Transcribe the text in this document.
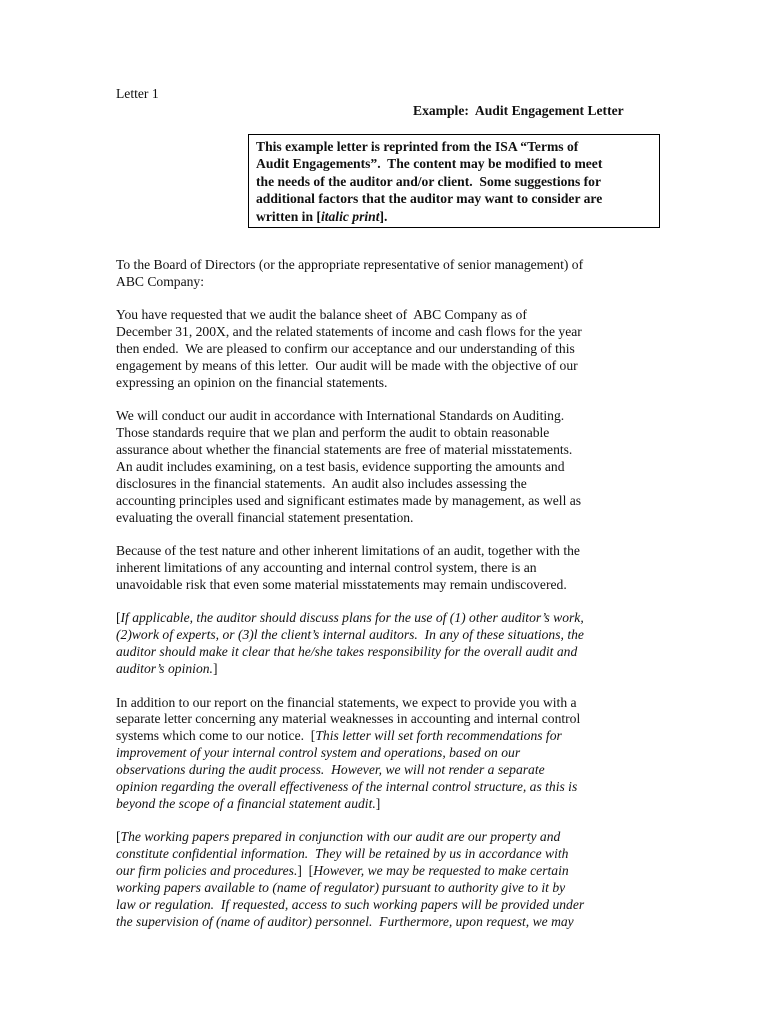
Letter 1
Example:  Audit Engagement Letter
This example letter is reprinted from the ISA “Terms of
Audit Engagements”.  The content may be modified to meet
the needs of the auditor and/or client.  Some suggestions for
additional factors that the auditor may want to consider are
written in [italic print].
To the Board of Directors (or the appropriate representative of senior management) of
ABC Company:
You have requested that we audit the balance sheet of  ABC Company as of
December 31, 200X, and the related statements of income and cash flows for the year
then ended.  We are pleased to confirm our acceptance and our understanding of this
engagement by means of this letter.  Our audit will be made with the objective of our
expressing an opinion on the financial statements.
We will conduct our audit in accordance with International Standards on Auditing.
Those standards require that we plan and perform the audit to obtain reasonable
assurance about whether the financial statements are free of material misstatements.
An audit includes examining, on a test basis, evidence supporting the amounts and
disclosures in the financial statements.  An audit also includes assessing the
accounting principles used and significant estimates made by management, as well as
evaluating the overall financial statement presentation.
Because of the test nature and other inherent limitations of an audit, together with the
inherent limitations of any accounting and internal control system, there is an
unavoidable risk that even some material misstatements may remain undiscovered.
[If applicable, the auditor should discuss plans for the use of (1) other auditor’s work,
(2)work of experts, or (3)l the client’s internal auditors.  In any of these situations, the
auditor should make it clear that he/she takes responsibility for the overall audit and
auditor’s opinion.]
In addition to our report on the financial statements, we expect to provide you with a
separate letter concerning any material weaknesses in accounting and internal control
systems which come to our notice.  [This letter will set forth recommendations for
improvement of your internal control system and operations, based on our
observations during the audit process.  However, we will not render a separate
opinion regarding the overall effectiveness of the internal control structure, as this is
beyond the scope of a financial statement audit.]
[The working papers prepared in conjunction with our audit are our property and
constitute confidential information.  They will be retained by us in accordance with
our firm policies and procedures.]  [However, we may be requested to make certain
working papers available to (name of regulator) pursuant to authority give to it by
law or regulation.  If requested, access to such working papers will be provided under
the supervision of (name of auditor) personnel.  Furthermore, upon request, we may
